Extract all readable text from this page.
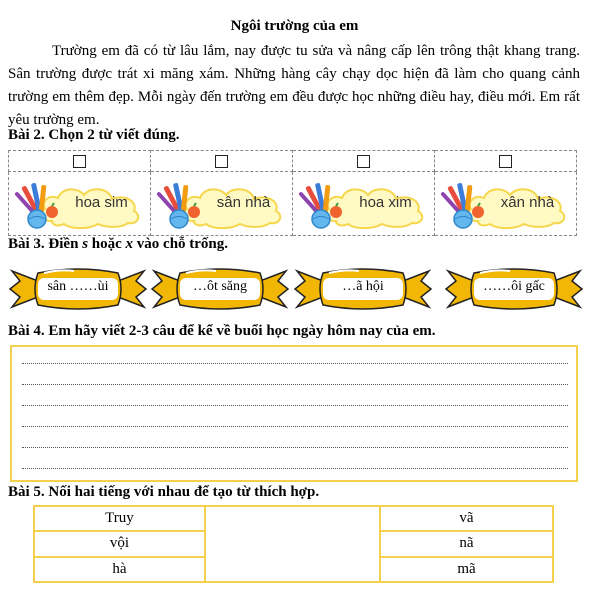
Ngôi trường của em

Trường em đã có từ lâu lắm, nay được tu sửa và nâng cấp lên trông thật khang trang. Sân trường được trát xi măng xám. Những hàng cây chạy dọc hiện đã làm cho quang cảnh trường em thêm đẹp. Mỗi ngày đến trường em đều được học những điều hay, điều mới. Em rất yêu trường em.

Bài 2. Chọn 2 từ viết đúng.

hoa sim	sân nhà	hoa xim	xân nhà
Bài 3. Điền s hoặc x vào chỗ trống.
sân ……ùi	…ôt săng	…ã hội	……ôi gấc
Bài 4. Em hãy viết 2-3 câu để kể về buổi học ngày hôm nay của em.
Bài 5. Nối hai tiếng với nhau để tạo từ thích hợp.
Truy		vã
vội		nã
hà		mã
